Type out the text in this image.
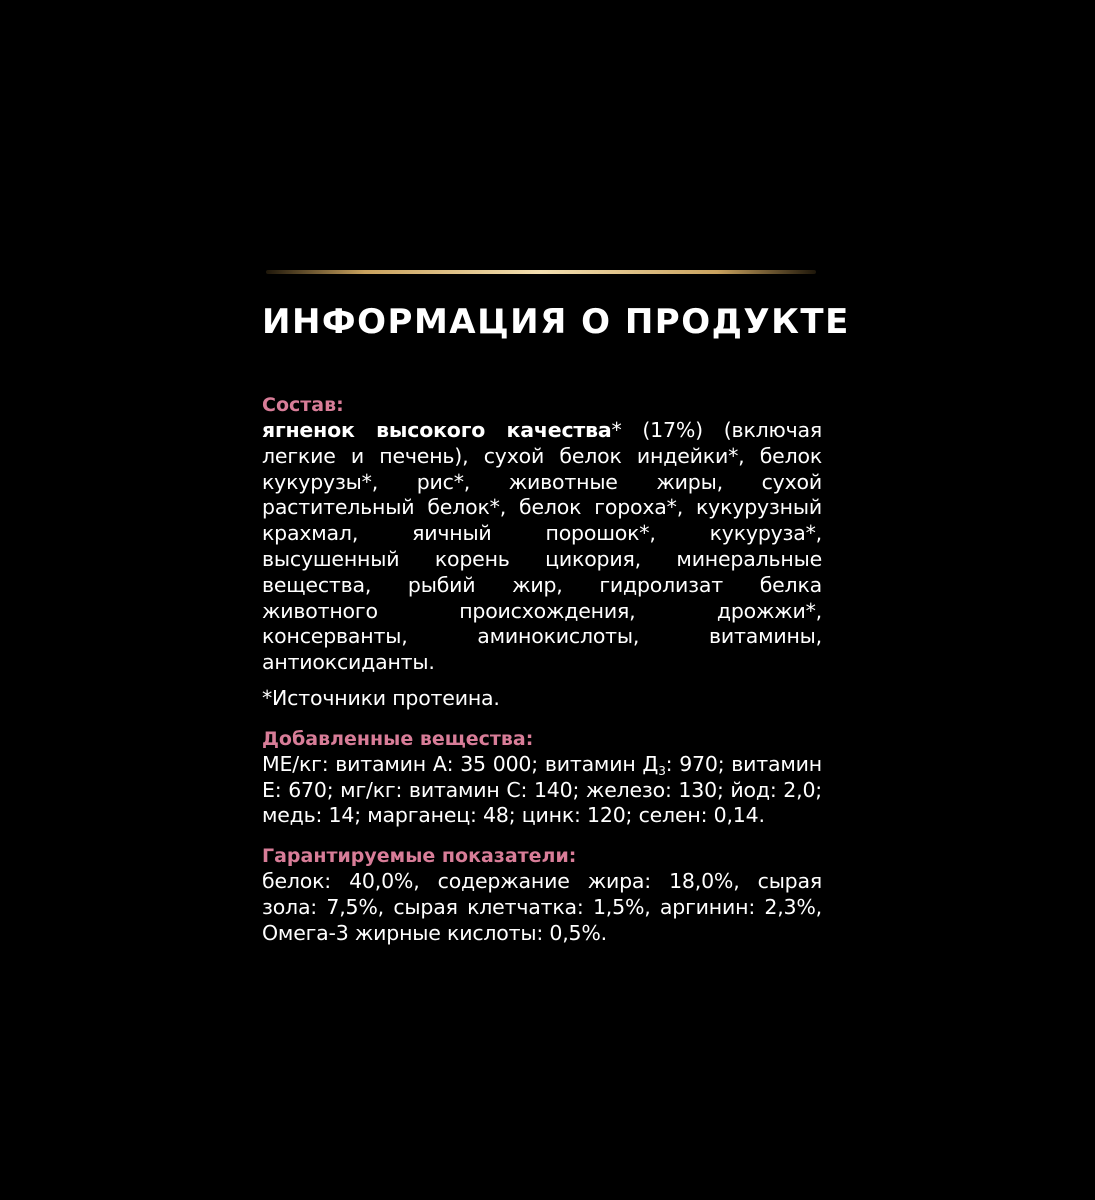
ИНФОРМАЦИЯ О ПРОДУКТЕ
Состав:
ягненок высокого качества* (17%) (включая легкие и печень), сухой белок индейки*, белок кукурузы*, рис*, животные жиры, сухой растительный белок*, белок гороха*, кукурузный крахмал, яичный порошок*, кукуруза*, высушенный корень цикория, минеральные вещества, рыбий жир, гидролизат белка животного происхождения, дрожжи*, консерванты, аминокислоты, витамины, антиоксиданты.
*Источники протеина.
Добавленные вещества:
МЕ/кг: витамин А: 35 000; витамин $Д_3$: 970; витамин Е: 670; мг/кг: витамин С: 140; железо: 130; йод: 2,0; медь: 14; марганец: 48; цинк: 120; селен: 0,14.
Гарантируемые показатели:
белок: 40,0%, содержание жира: 18,0%, сырая зола: 7,5%, сырая клетчатка: 1,5%, аргинин: 2,3%, Омега-3 жирные кислоты: 0,5%.
